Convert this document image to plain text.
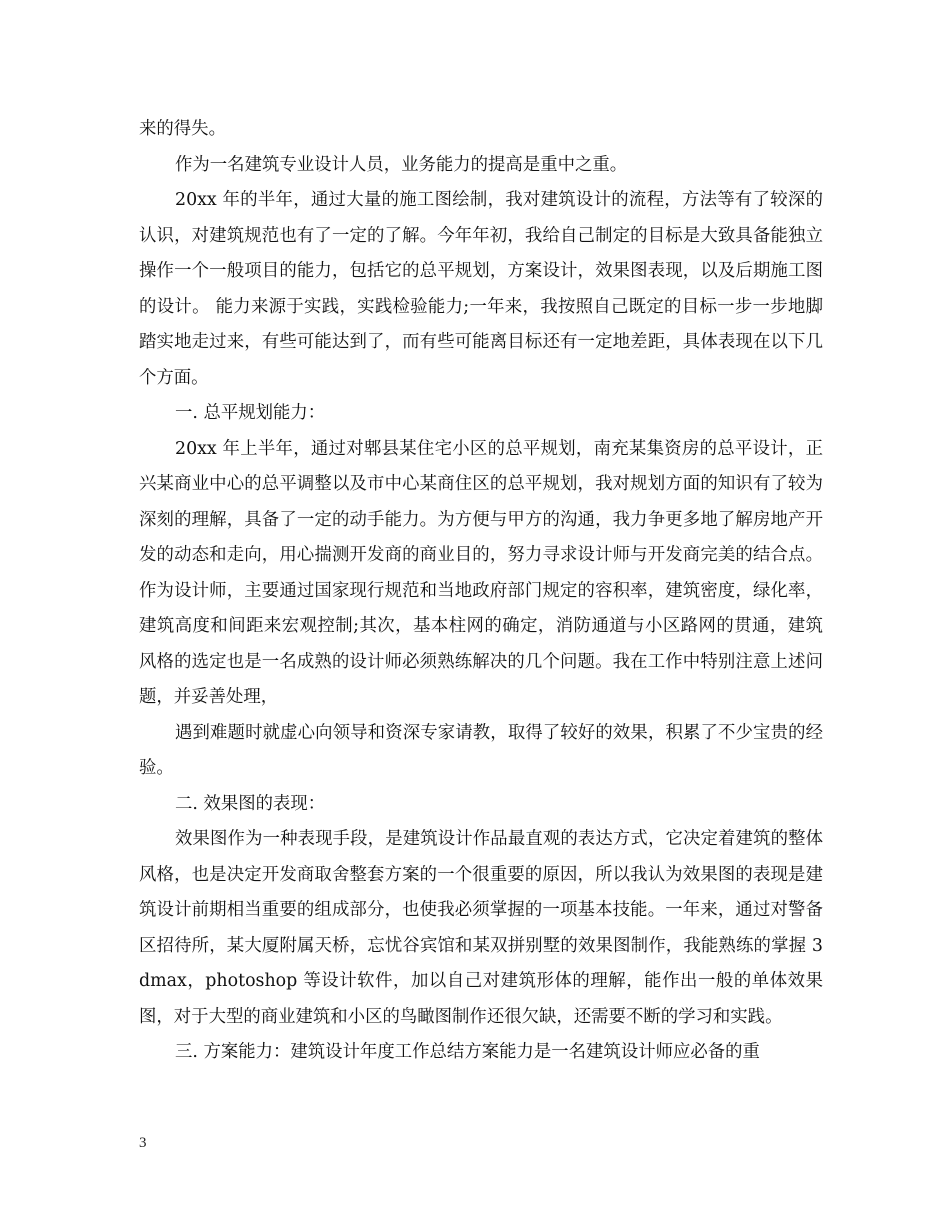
来的得失。

作为一名建筑专业设计人员，业务能力的提高是重中之重。

20xx 年的半年，通过大量的施工图绘制，我对建筑设计的流程，方法等有了较深的认识，对建筑规范也有了一定的了解。今年年初，我给自己制定的目标是大致具备能独立操作一个一般项目的能力，包括它的总平规划，方案设计，效果图表现，以及后期施工图的设计。 能力来源于实践，实践检验能力;一年来，我按照自己既定的目标一步一步地脚踏实地走过来，有些可能达到了，而有些可能离目标还有一定地差距，具体表现在以下几个方面。

一. 总平规划能力：

20xx 年上半年，通过对郫县某住宅小区的总平规划，南充某集资房的总平设计，正兴某商业中心的总平调整以及市中心某商住区的总平规划，我对规划方面的知识有了较为深刻的理解，具备了一定的动手能力。为方便与甲方的沟通，我力争更多地了解房地产开发的动态和走向，用心揣测开发商的商业目的，努力寻求设计师与开发商完美的结合点。作为设计师，主要通过国家现行规范和当地政府部门规定的容积率，建筑密度，绿化率，建筑高度和间距来宏观控制;其次，基本柱网的确定，消防通道与小区路网的贯通，建筑风格的选定也是一名成熟的设计师必须熟练解决的几个问题。我在工作中特别注意上述问题，并妥善处理，

遇到难题时就虚心向领导和资深专家请教，取得了较好的效果，积累了不少宝贵的经验。

二. 效果图的表现：

效果图作为一种表现手段，是建筑设计作品最直观的表达方式，它决定着建筑的整体风格，也是决定开发商取舍整套方案的一个很重要的原因，所以我认为效果图的表现是建筑设计前期相当重要的组成部分，也使我必须掌握的一项基本技能。一年来，通过对警备区招待所，某大厦附属天桥，忘忧谷宾馆和某双拼别墅的效果图制作，我能熟练的掌握 3dmax，photoshop 等设计软件，加以自己对建筑形体的理解，能作出一般的单体效果图，对于大型的商业建筑和小区的鸟瞰图制作还很欠缺，还需要不断的学习和实践。

三. 方案能力：建筑设计年度工作总结方案能力是一名建筑设计师应必备的重

3
